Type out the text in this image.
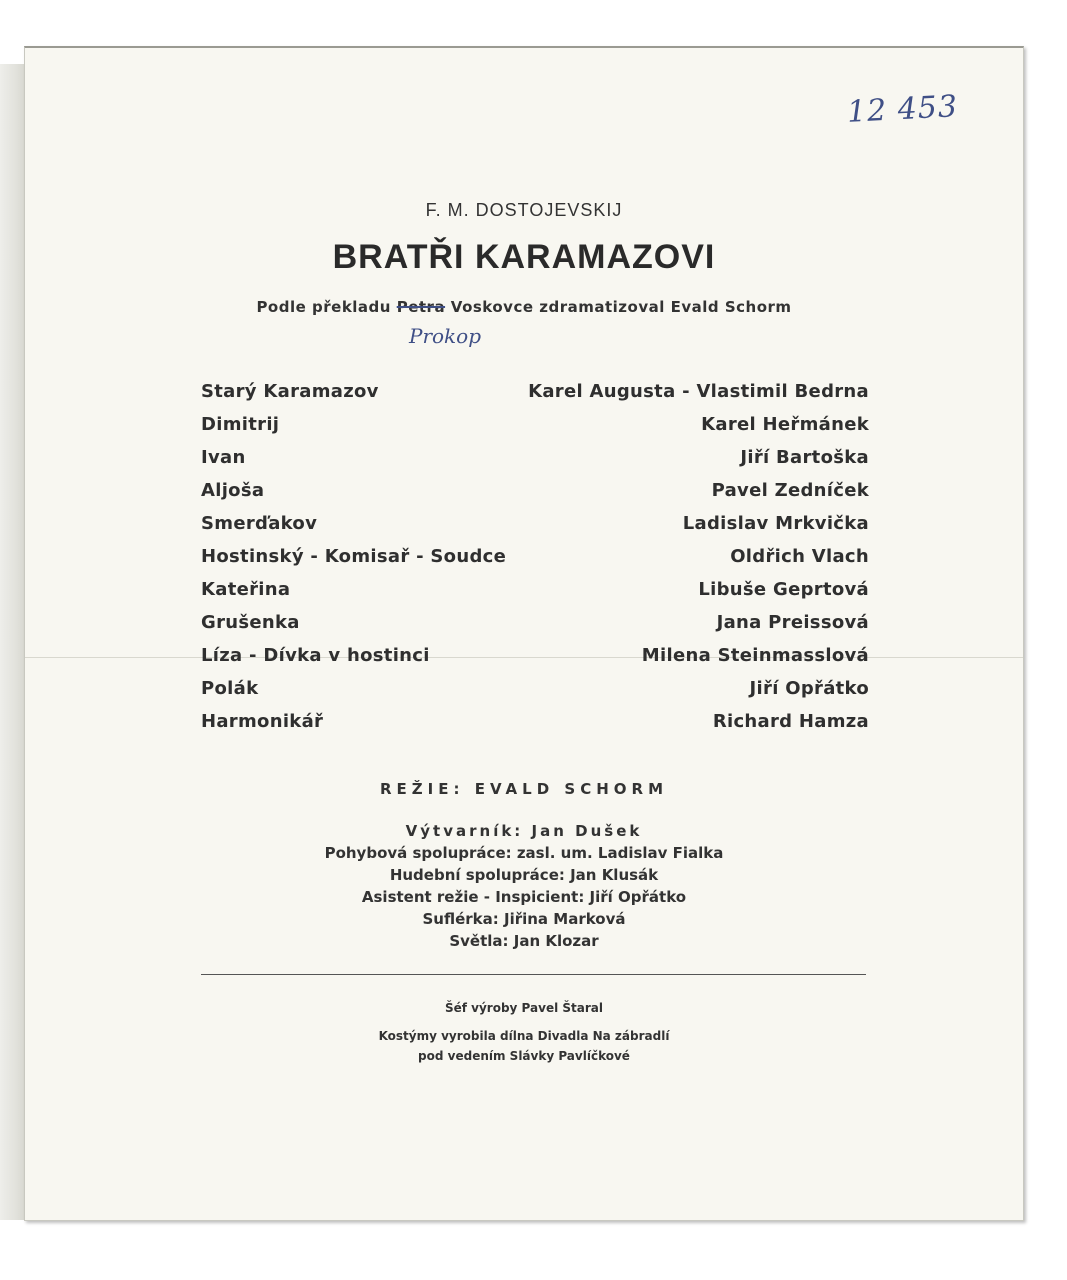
12 453

F. M. DOSTOJEVSKIJ

BRATŘI KARAMAZOVI

Podle překladu Petra Voskovce zdramatizoval Evald Schorm

Prokop

Starý Karamazov	Karel Augusta - Vlastimil Bedrna
Dimitrij	Karel Heřmánek
Ivan	Jiří Bartoška
Aljoša	Pavel Zedníček
Smerďakov	Ladislav Mrkvička
Hostinský - Komisař - Soudce	Oldřich Vlach
Kateřina	Libuše Geprtová
Grušenka	Jana Preissová
Líza - Dívka v hostinci	Milena Steinmasslová
Polák	Jiří Opřátko
Harmonikář	Richard Hamza

REŽIE: EVALD SCHORM

Výtvarník: Jan Dušek
Pohybová spolupráce: zasl. um. Ladislav Fialka
Hudební spolupráce: Jan Klusák
Asistent režie - Inspicient: Jiří Opřátko
Suflérka: Jiřina Marková
Světla: Jan Klozar
Šéf výroby Pavel Štaral
Kostýmy vyrobila dílna Divadla Na zábradlí
pod vedením Slávky Pavlíčkové
